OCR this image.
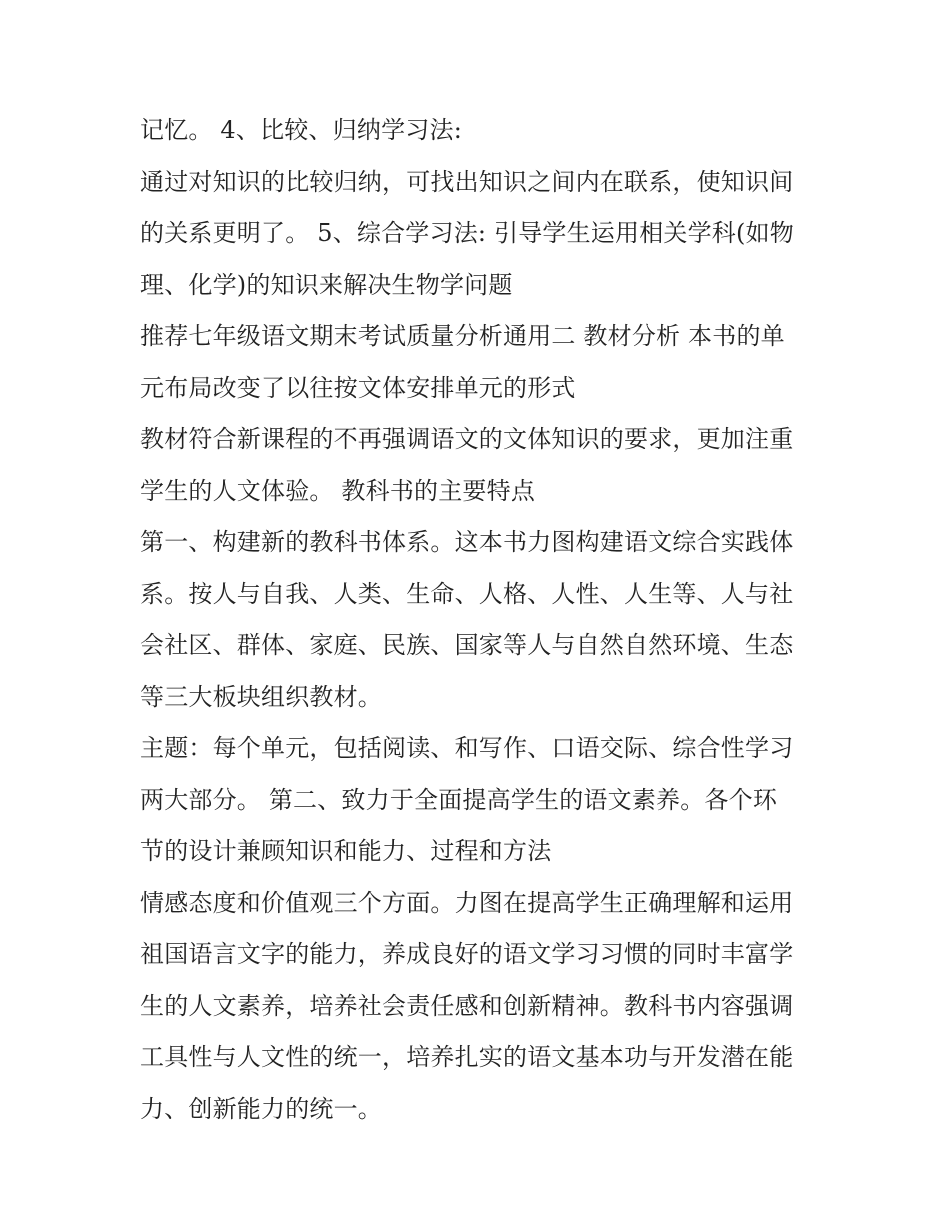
记忆。 4、比较、归纳学习法:
通过对知识的比较归纳，可找出知识之间内在联系，使知识间
的关系更明了。 5、综合学习法: 引导学生运用相关学科(如物
理、化学)的知识来解决生物学问题
推荐七年级语文期末考试质量分析通用二 教材分析 本书的单
元布局改变了以往按文体安排单元的形式
教材符合新课程的不再强调语文的文体知识的要求，更加注重
学生的人文体验。 教科书的主要特点
第一、构建新的教科书体系。这本书力图构建语文综合实践体
系。按人与自我、人类、生命、人格、人性、人生等、人与社
会社区、群体、家庭、民族、国家等人与自然自然环境、生态
等三大板块组织教材。
主题：每个单元，包括阅读、和写作、口语交际、综合性学习
两大部分。 第二、致力于全面提高学生的语文素养。各个环
节的设计兼顾知识和能力、过程和方法
情感态度和价值观三个方面。力图在提高学生正确理解和运用
祖国语言文字的能力，养成良好的语文学习习惯的同时丰富学
生的人文素养，培养社会责任感和创新精神。教科书内容强调
工具性与人文性的统一，培养扎实的语文基本功与开发潜在能
力、创新能力的统一。
